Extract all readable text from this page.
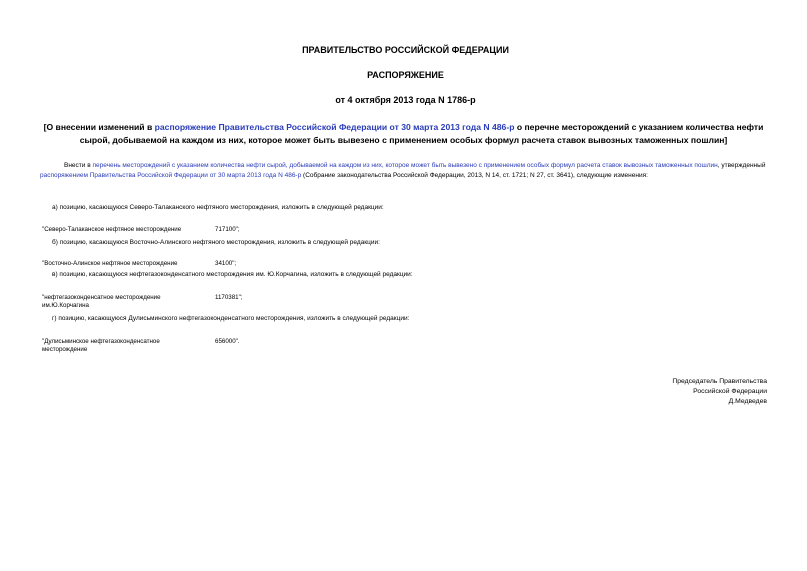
ПРАВИТЕЛЬСТВО РОССИЙСКОЙ ФЕДЕРАЦИИ
РАСПОРЯЖЕНИЕ
от 4 октября 2013 года N 1786-р
[О внесении изменений в распоряжение Правительства Российской Федерации от 30 марта 2013 года N 486-р о перечне месторождений с указанием количества нефти сырой, добываемой на каждом из них, которое может быть вывезено с применением особых формул расчета ставок вывозных таможенных пошлин]
Внести в перечень месторождений с указанием количества нефти сырой, добываемой на каждом из них, которое может быть вывезено с применением особых формул расчета ставок вывозных таможенных пошлин, утвержденный распоряжением Правительства Российской Федерации от 30 марта 2013 года N 486-р (Собрание законодательства Российской Федерации, 2013, N 14, ст. 1721; N 27, ст. 3641), следующие изменения:
а) позицию, касающуюся Северо-Талаканского нефтяного месторождения, изложить в следующей редакции:
"Северо-Талаканское нефтяное месторождение	717100";
б) позицию, касающуюся Восточно-Алинского нефтяного месторождения, изложить в следующей редакции:
"Восточно-Алинское нефтяное месторождение	34100";
в) позицию, касающуюся нефтегазоконденсатного месторождения им. Ю.Корчагина, изложить в следующей редакции:
"нефтегазоконденсатное месторождение им.Ю.Корчагина
1170381";
г) позицию, касающуюся Дулисьминского нефтегазоконденсатного месторождения, изложить в следующей редакции:
"Дулисьминское нефтегазоконденсатное месторождение
656000".
Председатель Правительства
Российской Федерации
Д.Медведев
